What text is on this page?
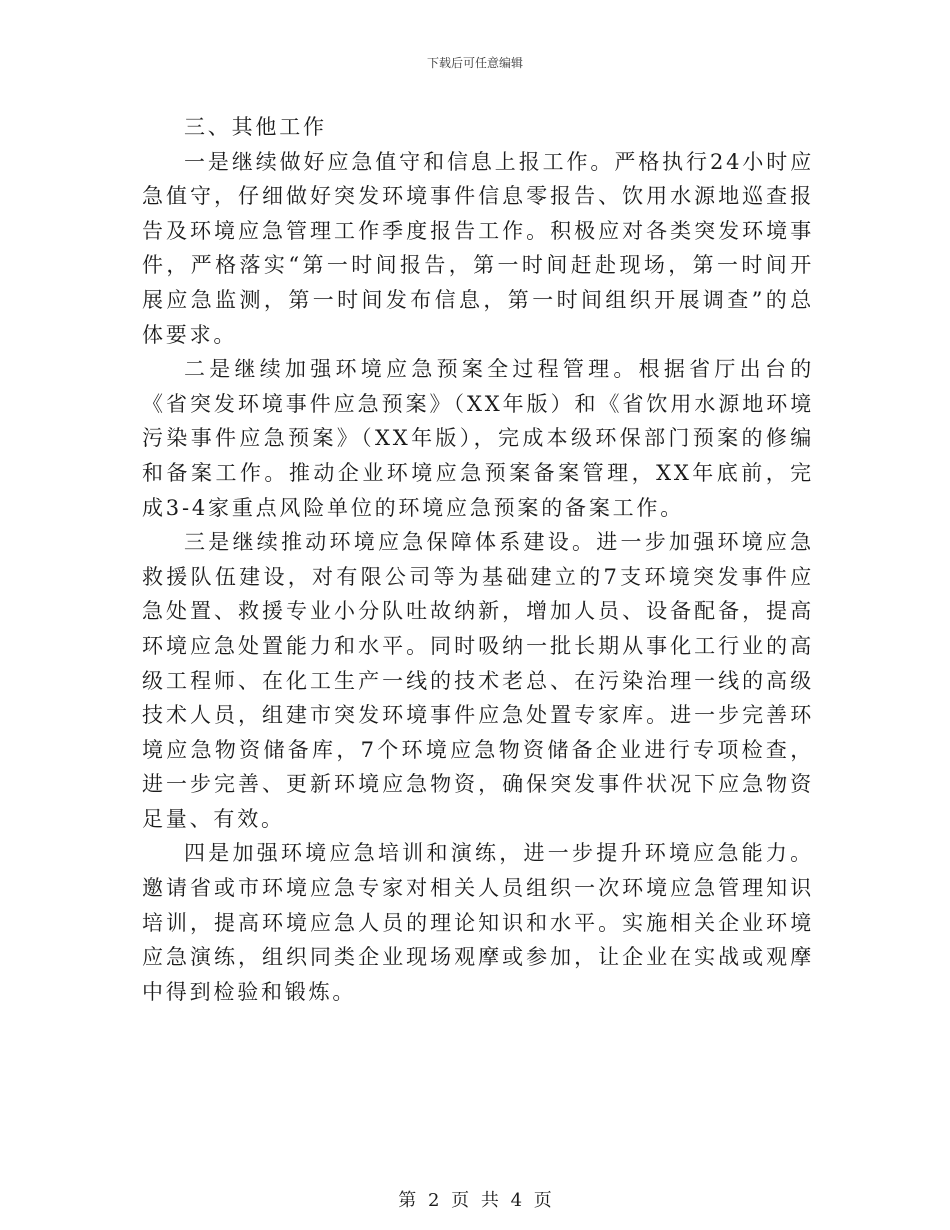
下载后可任意编辑

三、其他工作

一是继续做好应急值守和信息上报工作。严格执行24小时应急值守，仔细做好突发环境事件信息零报告、饮用水源地巡查报告及环境应急管理工作季度报告工作。积极应对各类突发环境事件，严格落实“第一时间报告，第一时间赶赴现场，第一时间开展应急监测，第一时间发布信息，第一时间组织开展调查”的总体要求。

二是继续加强环境应急预案全过程管理。根据省厅出台的《省突发环境事件应急预案》（XX年版）和《省饮用水源地环境污染事件应急预案》（XX年版），完成本级环保部门预案的修编和备案工作。推动企业环境应急预案备案管理，XX年底前，完成3-4家重点风险单位的环境应急预案的备案工作。

三是继续推动环境应急保障体系建设。进一步加强环境应急救援队伍建设，对有限公司等为基础建立的7支环境突发事件应急处置、救援专业小分队吐故纳新，增加人员、设备配备，提高环境应急处置能力和水平。同时吸纳一批长期从事化工行业的高级工程师、在化工生产一线的技术老总、在污染治理一线的高级技术人员，组建市突发环境事件应急处置专家库。进一步完善环境应急物资储备库，7个环境应急物资储备企业进行专项检查，进一步完善、更新环境应急物资，确保突发事件状况下应急物资足量、有效。

四是加强环境应急培训和演练，进一步提升环境应急能力。邀请省或市环境应急专家对相关人员组织一次环境应急管理知识培训，提高环境应急人员的理论知识和水平。实施相关企业环境应急演练，组织同类企业现场观摩或参加，让企业在实战或观摩中得到检验和锻炼。

第 2 页 共 4 页
